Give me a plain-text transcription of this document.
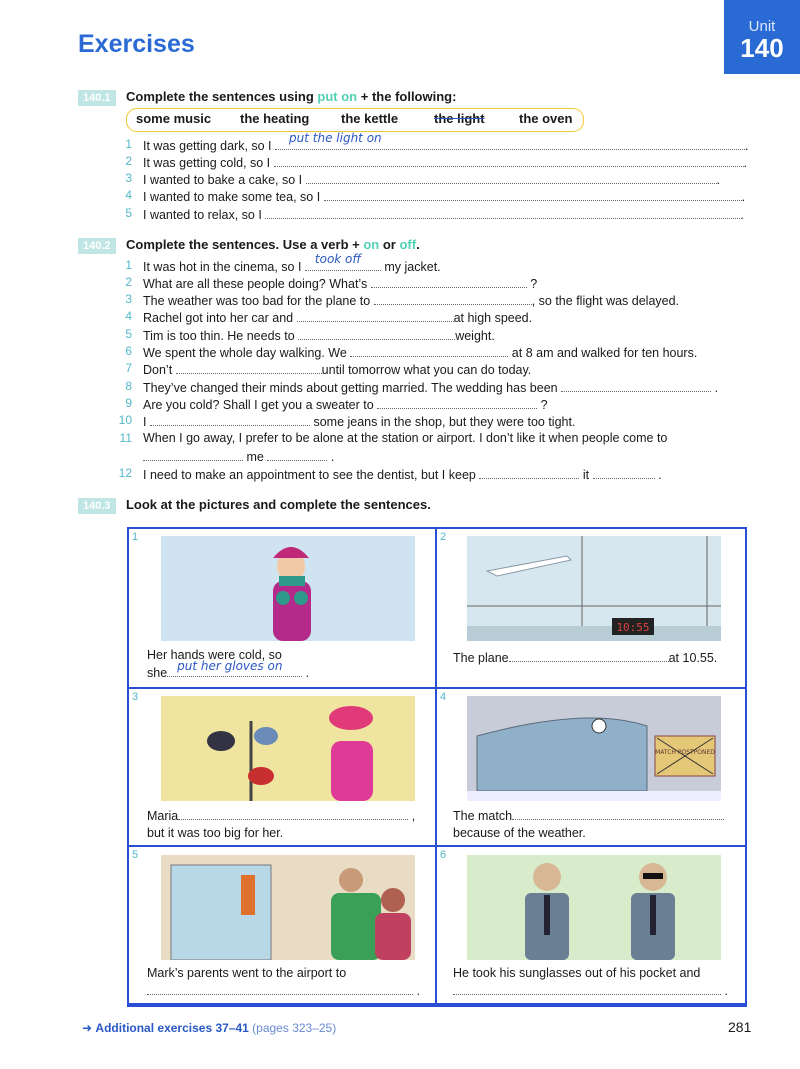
Exercises
Unit
140
140.1 Complete the sentences using put on + the following:
some music the heating the kettle	the light	the oven
1 It was getting dark, so I
put the light on
.
2 It was getting cold, so I	.
3 I wanted to bake a cake, so I	.
4 I wanted to make some tea, so I	.
5 I wanted to relax, so I	.
140.2 Complete the sentences. Use a verb + on or off.
1 It was hot in the cinema, so I
took off
my jacket.
2 What are all these people doing? What’s	?
3 The weather was too bad for the plane to	, so the flight was delayed.
4 Rachel got into her car and	at high speed.
5 Tim is too thin. He needs to	weight.
6 We spent the whole day walking. We	at 8 am and walked for ten hours.
7 Don’t	until tomorrow what you can do today.
8 They’ve changed their minds about getting married. The wedding has been	.
9 Are you cold? Shall I get you a sweater to	?
10 I	some jeans in the shop, but they were too tight.
11 When I go away, I prefer to be alone at the station or airport. I don’t like it when people come to
me	.
12 I need to make an appointment to see the dentist, but I keep	it	.
140.3 Look at the pictures and complete the sentences.
1
Her hands were cold, so
she put her gloves on .
2
10:55
The plane	at 10.55.
3
Maria	,
but it was too big for her.
4
MATCH POSTPONED
The match
because of the weather.
5
Mark’s parents went to the airport to
.
6
He took his sunglasses out of his pocket and
.
➜ Additional exercises 37–41 (pages 323–25)	281
